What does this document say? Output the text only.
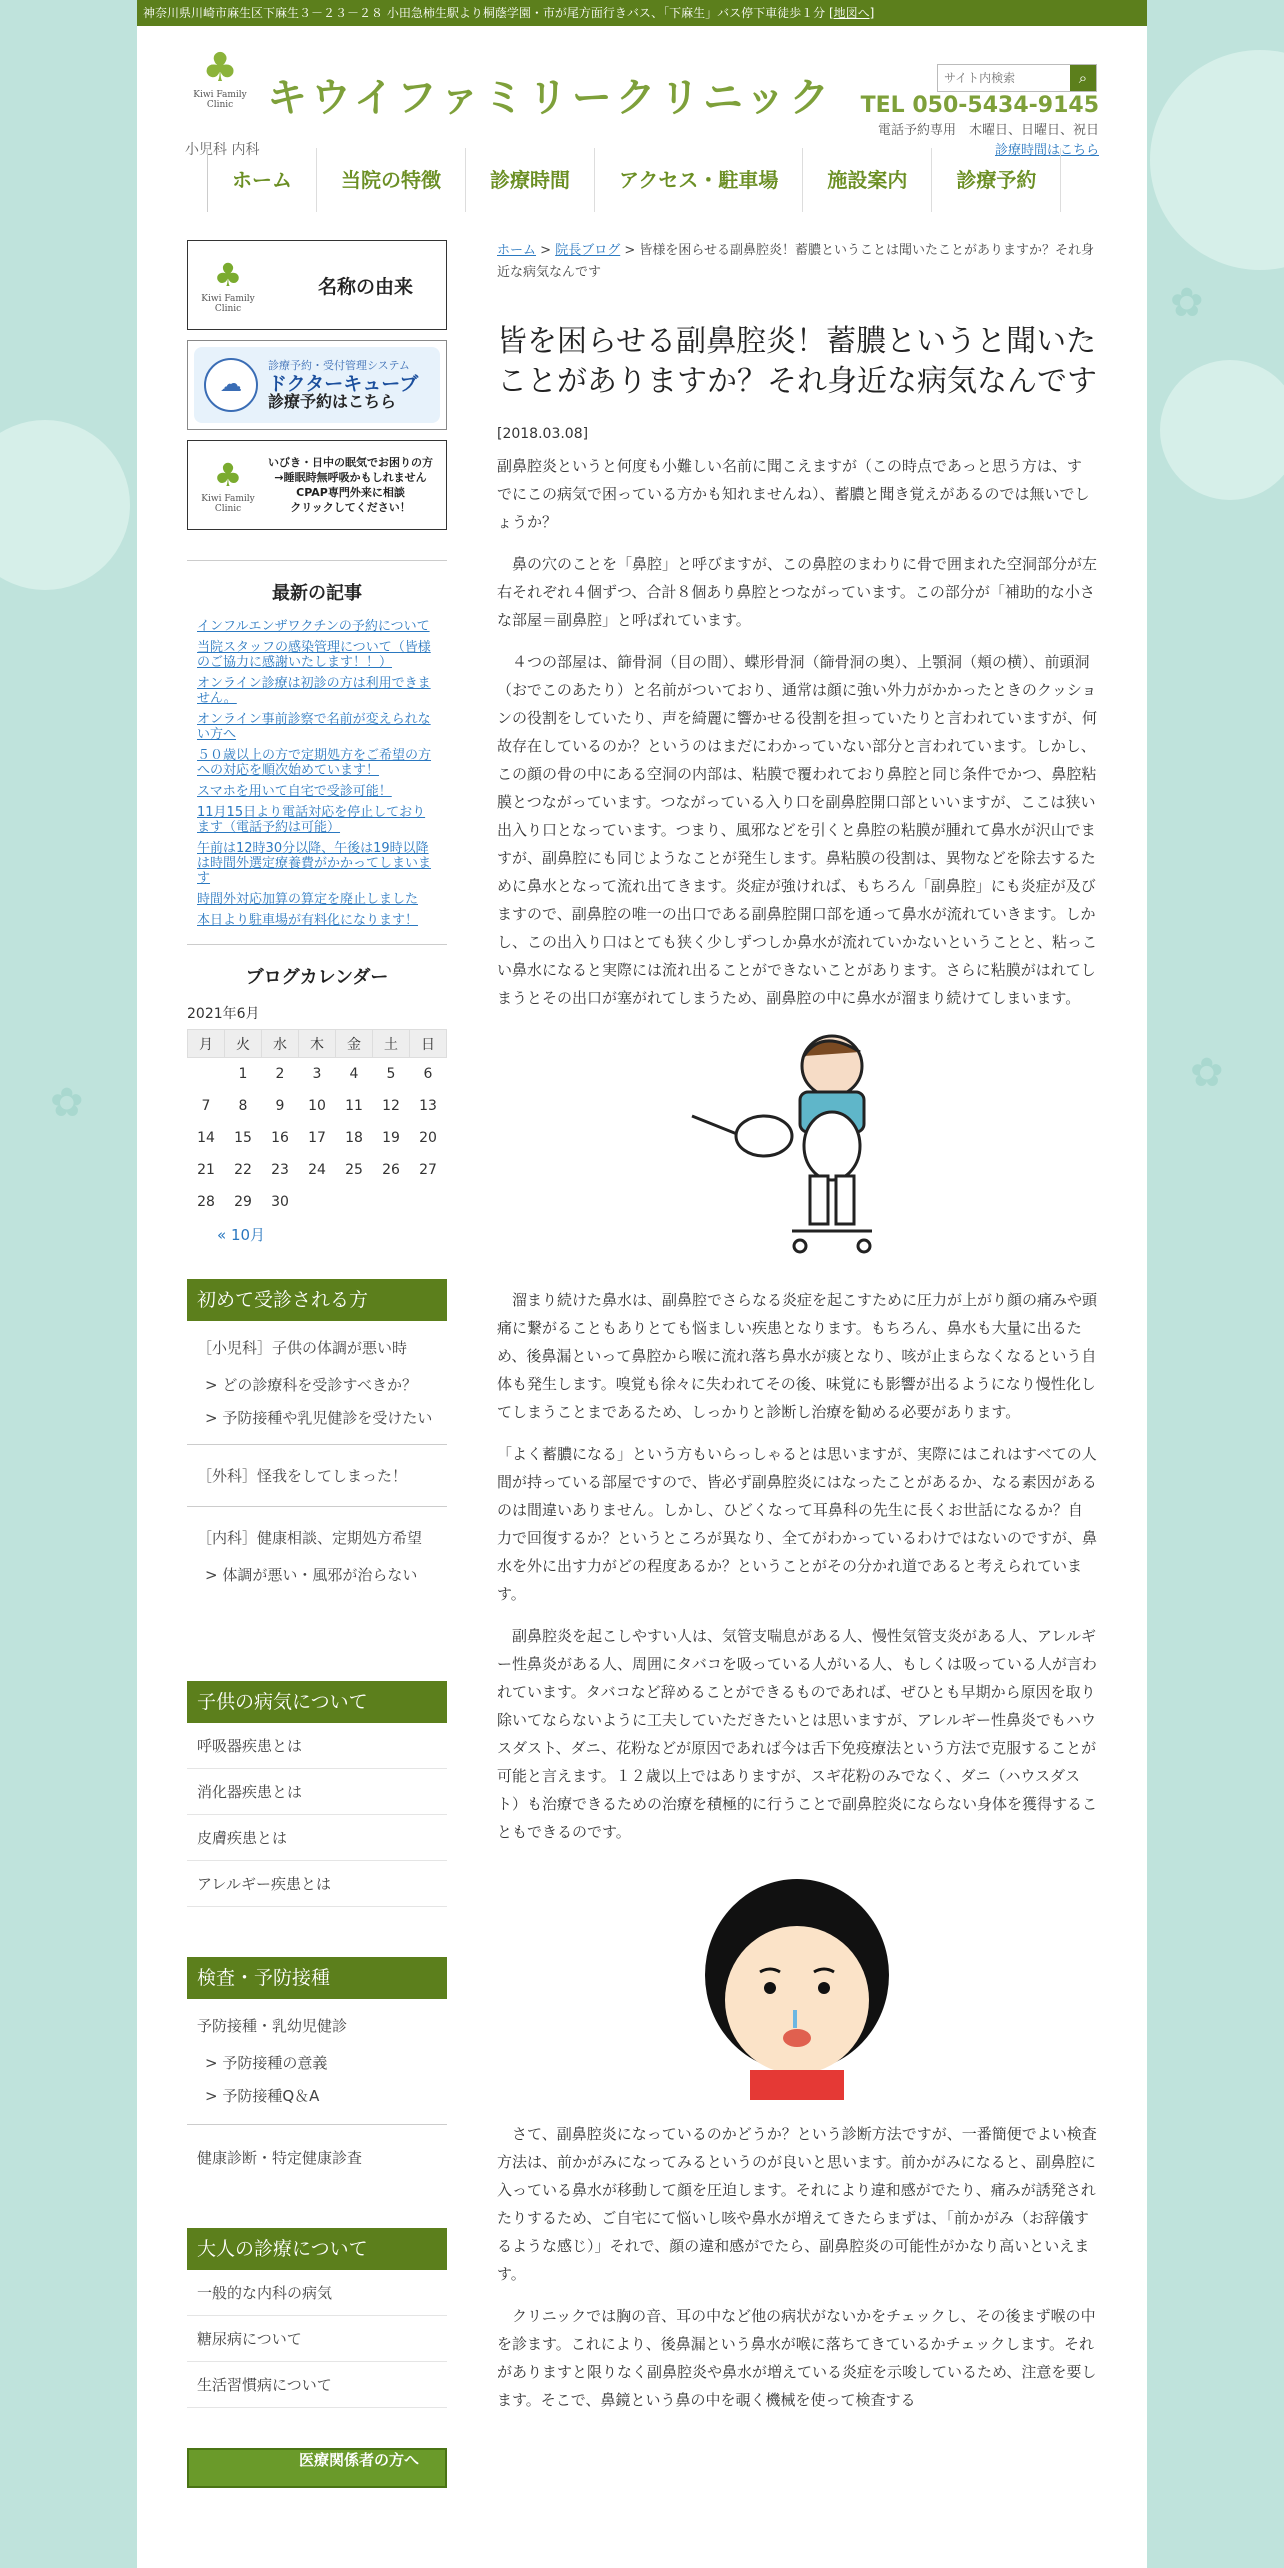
✿
✿
✿
神奈川県川崎市麻生区下麻生３－２３－２８ 小田急柿生駅より桐蔭学園・市が尾方面行きバス、「下麻生」バス停下車徒歩１分 [地図へ]
♣
Kiwi Family Clinic キウイファミリークリニック
小児科 内科
サイト内検索
⌕
TEL 050-5434-9145
電話予約専用　木曜日、日曜日、祝日
診療時間はこちら
ホーム	当院の特徴	診療時間	アクセス・駐車場	施設案内	診療予約
♣
Kiwi Family Clinic
名称の由来
☁
診療予約・受付管理システム
ドクターキューブ
診療予約はこちら
♣
Kiwi Family Clinic
いびき・日中の眠気でお困りの方
→睡眠時無呼吸かもしれません
CPAP専門外来に相談
クリックしてください！
最新の記事
インフルエンザワクチンの予約について
当院スタッフの感染管理について（皆様のご協力に感謝いたします！！）
オンライン診療は初診の方は利用できません。
オンライン事前診察で名前が変えられない方へ
５０歳以上の方で定期処方をご希望の方への対応を順次始めています！
スマホを用いて自宅で受診可能！
11月15日より電話対応を停止しております（電話予約は可能）
午前は12時30分以降、午後は19時以降は時間外選定療養費がかかってしまいます
時間外対応加算の算定を廃止しました
本日より駐車場が有料化になります！
ブログカレンダー
2021年6月
月	火	水	木	金	土	日
	1	2	3	4	5	6
7	8	9	10	11	12	13
14	15	16	17	18	19	20
21	22	23	24	25	26	27
28	29	30				
« 10月
初めて受診される方
［小児科］子供の体調が悪い時
> どの診療科を受診すべきか？
> 予防接種や乳児健診を受けたい
［外科］怪我をしてしまった！
［内科］健康相談、定期処方希望
> 体調が悪い・風邪が治らない
子供の病気について
呼吸器疾患とは
消化器疾患とは
皮膚疾患とは
アレルギー疾患とは
検査・予防接種
予防接種・乳幼児健診
> 予防接種の意義
> 予防接種Q＆A
健康診断・特定健康診査
大人の診療について
一般的な内科の病気
糖尿病について
生活習慣病について
医療関係者の方へ
ホーム > 院長ブログ > 皆様を困らせる副鼻腔炎！蓄膿ということは聞いたことがありますか？それ身近な病気なんです
皆を困らせる副鼻腔炎！蓄膿というと聞いたことがありますか？それ身近な病気なんです
[2018.03.08]
副鼻腔炎というと何度も小難しい名前に聞こえますが（この時点であっと思う方は、すでにこの病気で困っている方かも知れませんね）、蓄膿と聞き覚えがあるのでは無いでしょうか？
　鼻の穴のことを「鼻腔」と呼びますが、この鼻腔のまわりに骨で囲まれた空洞部分が左右それぞれ４個ずつ、合計８個あり鼻腔とつながっています。この部分が「補助的な小さな部屋＝副鼻腔」と呼ばれています。
　４つの部屋は、篩骨洞（目の間）、蝶形骨洞（篩骨洞の奥）、上顎洞（頬の横）、前頭洞（おでこのあたり）と名前がついており、通常は顔に強い外力がかかったときのクッションの役割をしていたり、声を綺麗に響かせる役割を担っていたりと言われていますが、何故存在しているのか？というのはまだにわかっていない部分と言われています。しかし、この顔の骨の中にある空洞の内部は、粘膜で覆われており鼻腔と同じ条件でかつ、鼻腔粘膜とつながっています。つながっている入り口を副鼻腔開口部といいますが、ここは狭い出入り口となっています。つまり、風邪などを引くと鼻腔の粘膜が腫れて鼻水が沢山でますが、副鼻腔にも同じようなことが発生します。鼻粘膜の役割は、異物などを除去するために鼻水となって流れ出てきます。炎症が強ければ、もちろん「副鼻腔」にも炎症が及びますので、副鼻腔の唯一の出口である副鼻腔開口部を通って鼻水が流れていきます。しかし、この出入り口はとても狭く少しずつしか鼻水が流れていかないということと、粘っこい鼻水になると実際には流れ出ることができないことがあります。さらに粘膜がはれてしまうとその出口が塞がれてしまうため、副鼻腔の中に鼻水が溜まり続けてしまいます。
　溜まり続けた鼻水は、副鼻腔でさらなる炎症を起こすために圧力が上がり顔の痛みや頭痛に繋がることもありとても悩ましい疾患となります。もちろん、鼻水も大量に出るため、後鼻漏といって鼻腔から喉に流れ落ち鼻水が痰となり、咳が止まらなくなるという自体も発生します。嗅覚も徐々に失われてその後、味覚にも影響が出るようになり慢性化してしまうことまであるため、しっかりと診断し治療を勧める必要があります。
「よく蓄膿になる」という方もいらっしゃるとは思いますが、実際にはこれはすべての人間が持っている部屋ですので、皆必ず副鼻腔炎にはなったことがあるか、なる素因があるのは間違いありません。しかし、ひどくなって耳鼻科の先生に長くお世話になるか？自力で回復するか？というところが異なり、全てがわかっているわけではないのですが、鼻水を外に出す力がどの程度あるか？ということがその分かれ道であると考えられています。
　副鼻腔炎を起こしやすい人は、気管支喘息がある人、慢性気管支炎がある人、アレルギー性鼻炎がある人、周囲にタバコを吸っている人がいる人、もしくは吸っている人が言われています。タバコなど辞めることができるものであれば、ぜひとも早期から原因を取り除いてならないように工夫していただきたいとは思いますが、アレルギー性鼻炎でもハウスダスト、ダニ、花粉などが原因であれば今は舌下免疫療法という方法で克服することが可能と言えます。１２歳以上ではありますが、スギ花粉のみでなく、ダニ（ハウスダスト）も治療できるための治療を積極的に行うことで副鼻腔炎にならない身体を獲得することもできるのです。
　さて、副鼻腔炎になっているのかどうか？という診断方法ですが、一番簡便でよい検査方法は、前かがみになってみるというのが良いと思います。前かがみになると、副鼻腔に入っている鼻水が移動して顔を圧迫します。それにより違和感がでたり、痛みが誘発されたりするため、ご自宅にて悩いし咳や鼻水が増えてきたらまずは、「前かがみ（お辞儀するような感じ）」それで、顔の違和感がでたら、副鼻腔炎の可能性がかなり高いといえます。
　クリニックでは胸の音、耳の中など他の病状がないかをチェックし、その後まず喉の中を診ます。これにより、後鼻漏という鼻水が喉に落ちてきているかチェックします。それがありますと限りなく副鼻腔炎や鼻水が増えている炎症を示唆しているため、注意を要します。そこで、鼻鏡という鼻の中を覗く機械を使って検査する
